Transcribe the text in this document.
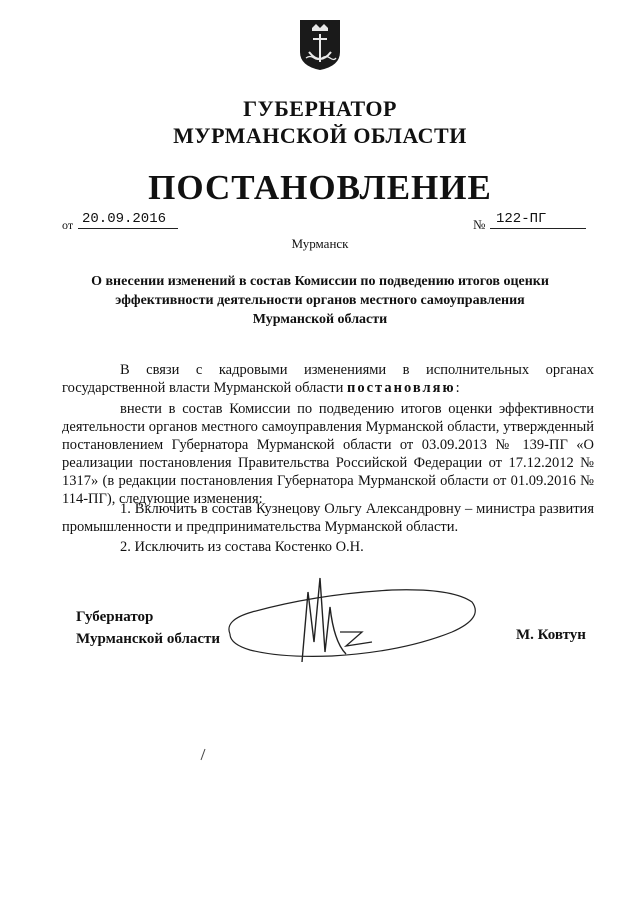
ГУБЕРНАТОР
МУРМАНСКОЙ ОБЛАСТИ
ПОСТАНОВЛЕНИЕ
от 20.09.2016	№ 122-ПГ
Мурманск
О внесении изменений в состав Комиссии по подведению итогов оценки эффективности деятельности органов местного самоуправления Мурманской области
В связи с кадровыми изменениями в исполнительных органах государственной власти Мурманской области постановляю:
внести в состав Комиссии по подведению итогов оценки эффективности деятельности органов местного самоуправления Мурманской области, утвержденный постановлением Губернатора Мурманской области от 03.09.2013 № 139-ПГ «О реализации постановления Правительства Российской Федерации от 17.12.2012 № 1317» (в редакции постановления Губернатора Мурманской области от 01.09.2016 № 114-ПГ), следующие изменения:
1. Включить в состав Кузнецову Ольгу Александровну – министра развития промышленности и предпринимательства Мурманской области.
2. Исключить из состава Костенко О.Н.
Губернатор
Мурманской области	М. Ковтун
